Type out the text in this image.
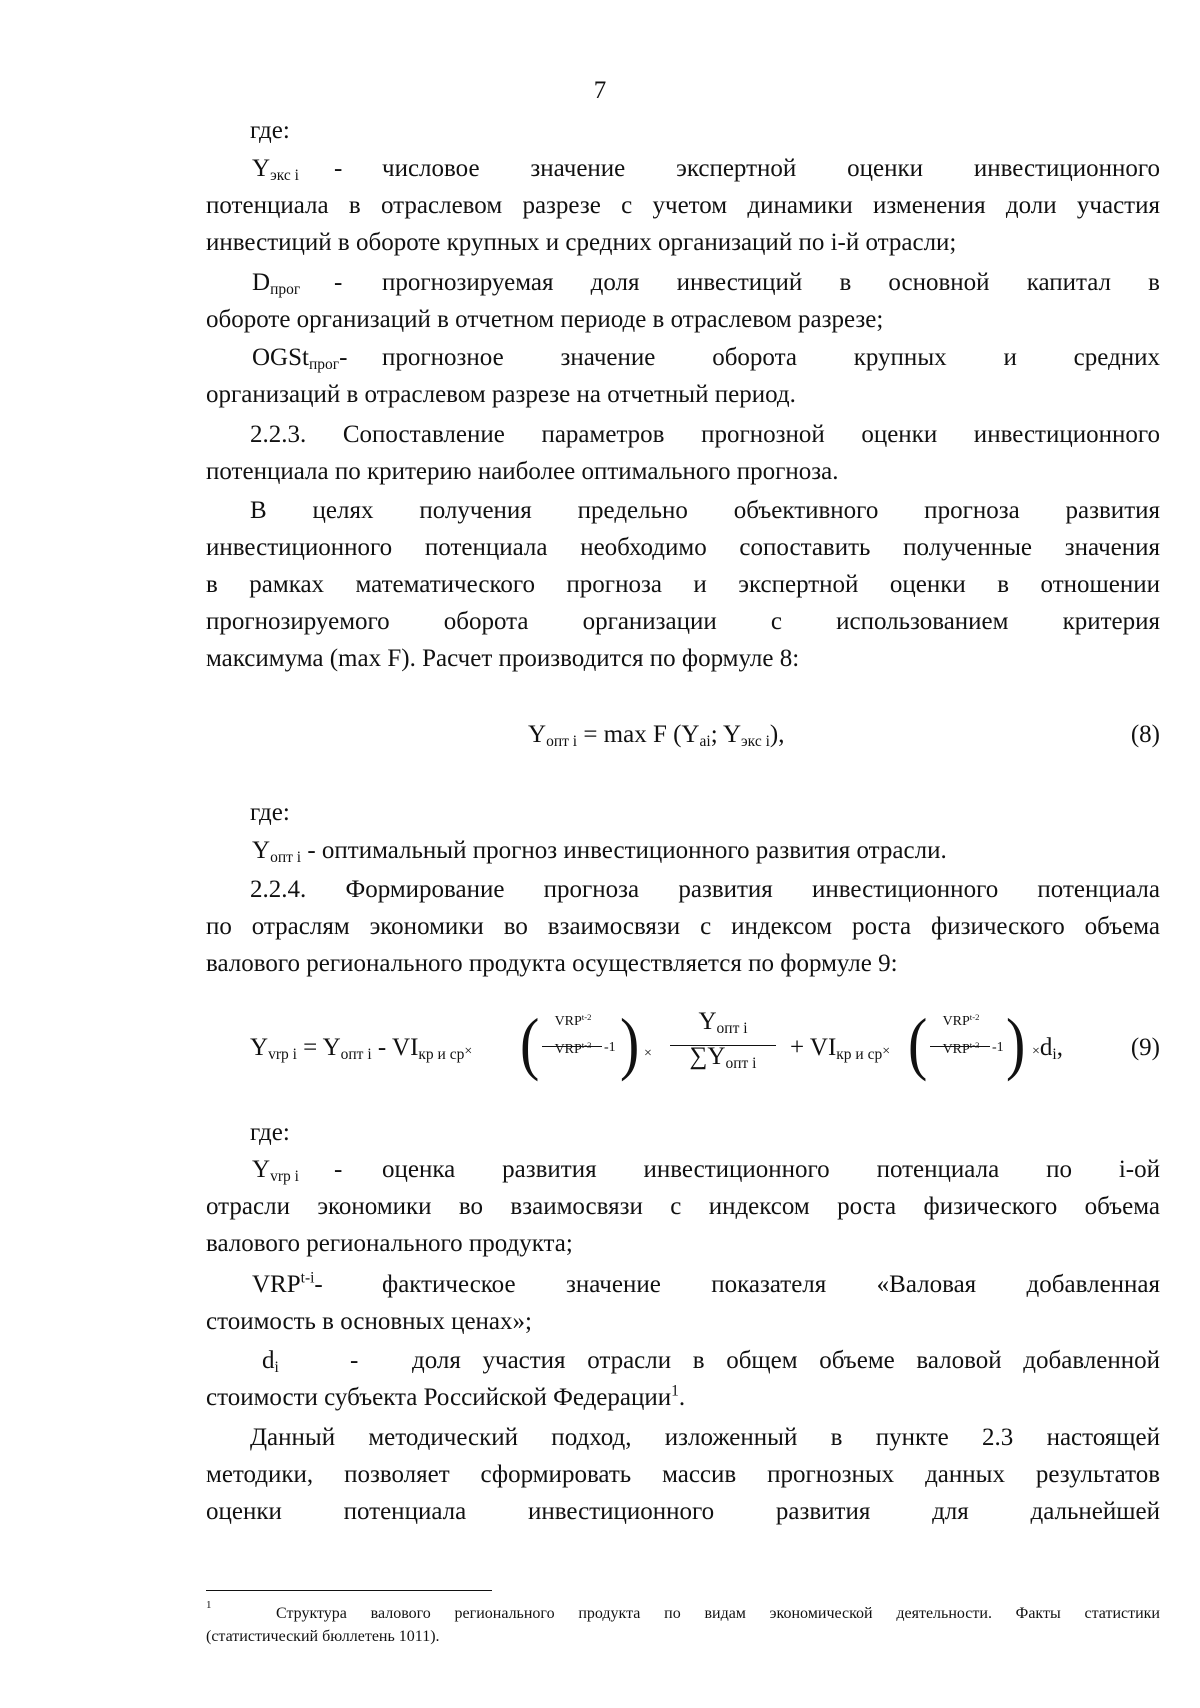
7
где:
$Y_{экс i}$ - числовое значение экспертной оценки инвестиционного
потенциала в отраслевом разрезе с учетом динамики изменения доли участия
инвестиций в обороте крупных и средних организаций по i-й отрасли;
$D_{прог}$ - прогнозируемая доля инвестиций в основной капитал в
обороте организаций в отчетном периоде в отраслевом разрезе;
OGSt$_{прог}$- прогнозное значение оборота крупных и средних
организаций в отраслевом разрезе на отчетный период.
2.2.3. Сопоставление параметров прогнозной оценки инвестиционного
потенциала по критерию наиболее оптимального прогноза.
В целях получения предельно объективного прогноза развития
инвестиционного потенциала необходимо сопоставить полученные значения
в рамках математического прогноза и экспертной оценки в отношении
прогнозируемого оборота организации с использованием критерия
максимума (max F). Расчет производится по формуле 8:
$Y_{опт i} = \max F$ ($Y_{ai}$; $Y_{экс i}$),	(8)
где:
$Y_{опт i}$ - оптимальный прогноз инвестиционного развития отрасли.
2.2.4. Формирование прогноза развития инвестиционного потенциала
по отраслям экономики во взаимосвязи с индексом роста физического объема
валового регионального продукта осуществляется по формуле 9:
$Y_{vrp i} = Y_{опт i} - VI_{кр и ср}\times$ (	VRP$^{t-2}$
VRP$^{t-3}$ -1 ) ×
$Y_{опт i}$
$\sum Y_{опт i}$
+ $VI_{кр и ср}\times$ (	VRP$^{t-2}$
VRP$^{t-3}$ -1 ) $\times d_i$,	(9)
где:
$Y_{vrp i}$ - оценка развития инвестиционного потенциала по i-ой
отрасли экономики во взаимосвязи с индексом роста физического объема
валового регионального продукта;
VRP$^{t-i}$- фактическое значение показателя «Валовая добавленная
стоимость в основных ценах»;
$d_i$	- доля участия отрасли в общем объеме валовой добавленной
стоимости субъекта Российской Федерации$^1$.
Данный методический подход, изложенный в пункте 2.3 настоящей
методики, позволяет сформировать массив прогнозных данных результатов
оценки потенциала инвестиционного развития для дальнейшей
1	Структура валового регионального продукта по видам экономической деятельности. Факты статистики
(статистический бюллетень 1011).
